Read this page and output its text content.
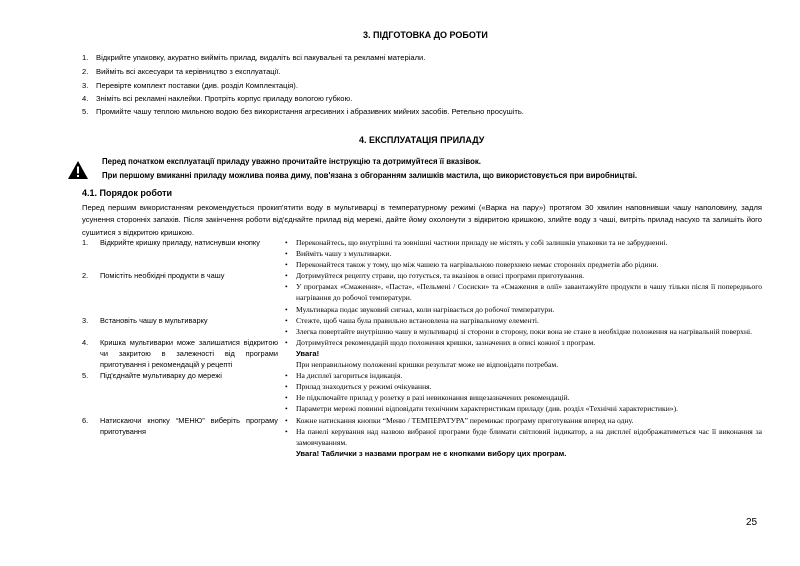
3. ПІДГОТОВКА ДО РОБОТИ
1. Відкрийте упаковку, акуратно вийміть прилад, видаліть всі пакувальні та рекламні матеріали.
2. Вийміть всі аксесуари та керівництво з експлуатації.
3. Перевірте комплект поставки (див. розділ Комплектація).
4. Зніміть всі рекламні наклейки. Протріть корпус приладу вологою губкою.
5. Промийте чашу теплою мильною водою без використання агресивних і абразивних мийних засобів. Ретельно просушіть.
4. ЕКСПЛУАТАЦІЯ ПРИЛАДУ
Перед початком експлуатації приладу уважно прочитайте інструкцію та дотримуйтеся її вказівок.
При першому вмиканні приладу можлива поява диму, пов'язана з обгоранням залишків мастила, що використовується при виробництві.
4.1. Порядок роботи
Перед першим використанням рекомендується прокип'ятити воду в мультиварці в температурному режимі («Варка на пару») протягом 30 хвилин наповнивши чашу наполовину, задля усунення сторонніх запахів. Після закінчення роботи від'єднайте прилад від мережі, дайте йому охолонути з відкритою кришкою, злийте воду з чаші, витріть прилад насухо та залишіть його сушитися з відкритою кришкою.
1.	Відкрийте кришку приладу, натиснувши кнопку	• Переконайтесь, що внутрішні та зовнішні частини приладу не містять у собі залишків упаковки та не забрудненні.
• Вийміть чашу з мультиварки.
• Переконайтеся також у тому, що між чашею та нагрівальною поверхнею немає сторонніх предметів або рідини.

2.	Помістіть необхідні продукти в чашу	• Дотримуйтеся рецепту страви, що готується, та вказівок в описі програми приготування.
• У програмах «Смаження», «Паста», «Пельмені / Сосиски» та «Смаження в олії» завантажуйте продукти в чашу тільки після її попереднього нагрівання до робочої температури.
• Мультиварка подає звуковий сигнал, коли нагрівається до робочої температури.

3.	Встановіть чашу в мультиварку	• Стежте, щоб чаша була правильно встановлена на нагрівальному елементі.
• Злегка повертайте внутрішню чашу в мультиварці зі сторони в сторону, поки вона не стане в необхідне положення на нагрівальній поверхні.

4.	Кришка мультиварки може залишатися відкритою чи закритою в залежності від програми приготування і рекомендацій у рецепті	• Дотримуйтеся рекомендацій щодо положення кришки, зазначених в описі кожної з програм.
Увага!
При неправильному положенні кришки результат може не відповідати потребам.

5.	Під'єднайте мультиварку до мережі	• На дисплеї загориться індикація.
• Прилад знаходиться у режимі очікування.
• Не підключайте прилад у розетку в разі невиконання вищезазначених рекомендацій.
• Параметри мережі повинні відповідати технічним характеристикам приладу (див. розділ «Технічні характеристики»).

6.	Натискаючи кнопку “МЕНЮ” виберіть програму приготування	• Кожне натискання кнопки “Меню / ТЕМПЕРАТУРА” перемикає програму приготування вперед на одну.
• На панелі керування над назвою вибраної програми буде блимати світловий індикатор, а на дисплеї відображатиметься час її виконання за замовчуванням.
Увага! Таблички з назвами програм не є кнопками вибору цих програм.
25
